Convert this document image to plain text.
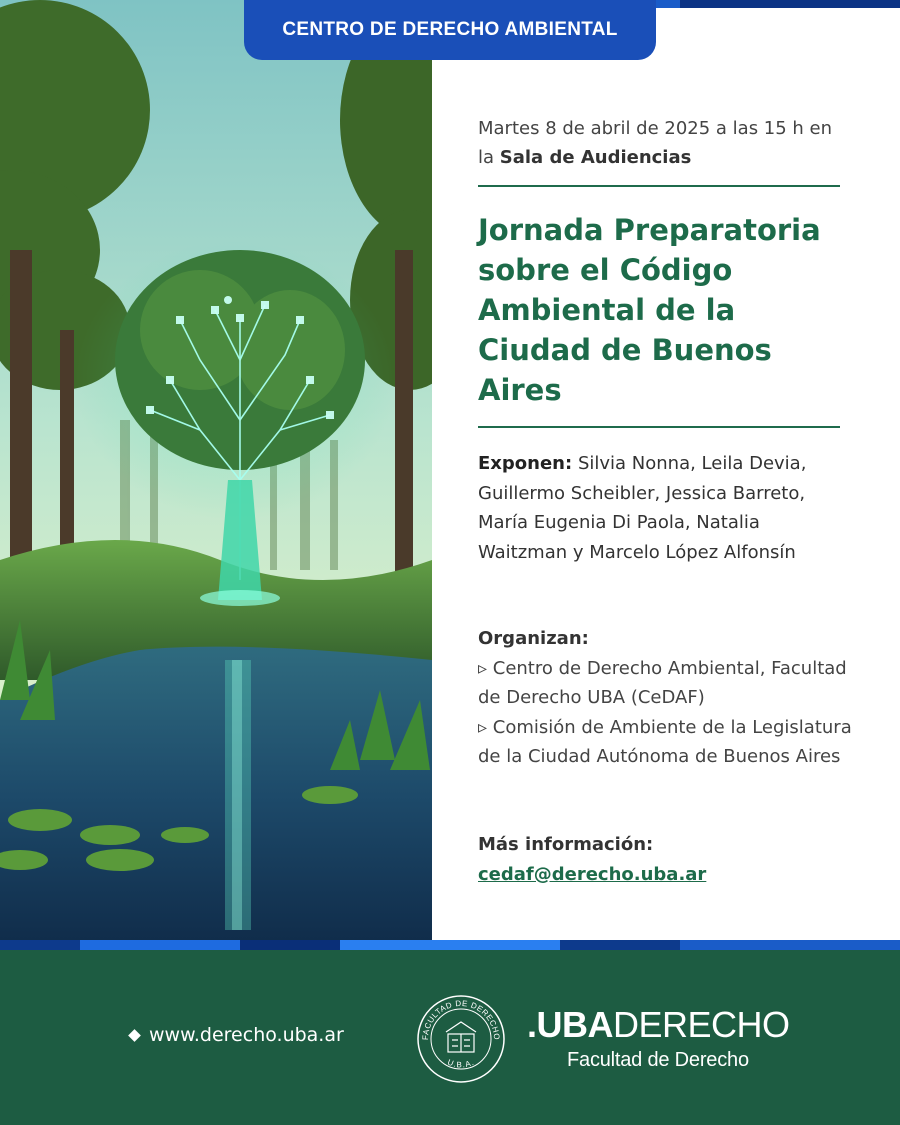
CENTRO DE DERECHO AMBIENTAL

Martes 8 de abril de 2025 a las 15 h en
la Sala de Audiencias

Jornada Preparatoria sobre el Código Ambiental de la Ciudad de Buenos Aires

Exponen: Silvia Nonna, Leila Devia, Guillermo Scheibler, Jessica Barreto, María Eugenia Di Paola, Natalia Waitzman y Marcelo López Alfonsín

Organizan:
▹ Centro de Derecho Ambiental, Facultad de Derecho UBA (CeDAF)
▹ Comisión de Ambiente de la Legislatura de la Ciudad Autónoma de Buenos Aires
Más información:
cedaf@derecho.uba.ar
www.derecho.uba.ar	FACULTAD DE DERECHO
U.B.A.
.UBADERECHO
Facultad de Derecho
